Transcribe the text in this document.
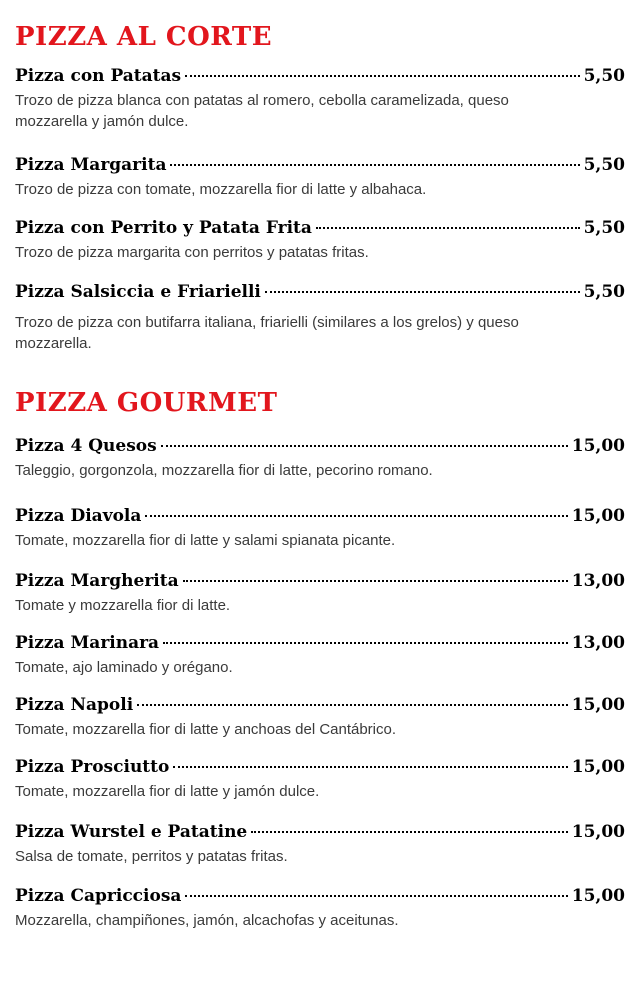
PIZZA AL CORTE
Pizza con Patatas	5,50
Trozo de pizza blanca con patatas al romero, cebolla caramelizada, queso mozzarella y jamón dulce.
Pizza Margarita	5,50
Trozo de pizza con tomate, mozzarella fior di latte y albahaca.
Pizza con Perrito y Patata Frita	5,50
Trozo de pizza margarita con perritos y patatas fritas.
Pizza Salsiccia e Friarielli	5,50
Trozo de pizza con butifarra italiana, friarielli (similares a los grelos) y queso mozzarella.
PIZZA GOURMET
Pizza 4 Quesos	15,00
Taleggio, gorgonzola, mozzarella fior di latte, pecorino romano.
Pizza Diavola	15,00
Tomate, mozzarella fior di latte y salami spianata picante.
Pizza Margherita	13,00
Tomate y mozzarella fior di latte.
Pizza Marinara	13,00
Tomate, ajo laminado y orégano.
Pizza Napoli	15,00
Tomate, mozzarella fior di latte y anchoas del Cantábrico.
Pizza Prosciutto	15,00
Tomate, mozzarella fior di latte y jamón dulce.
Pizza Wurstel e Patatine	15,00
Salsa de tomate, perritos y patatas fritas.
Pizza Capricciosa	15,00
Mozzarella, champiñones, jamón, alcachofas y aceitunas.
